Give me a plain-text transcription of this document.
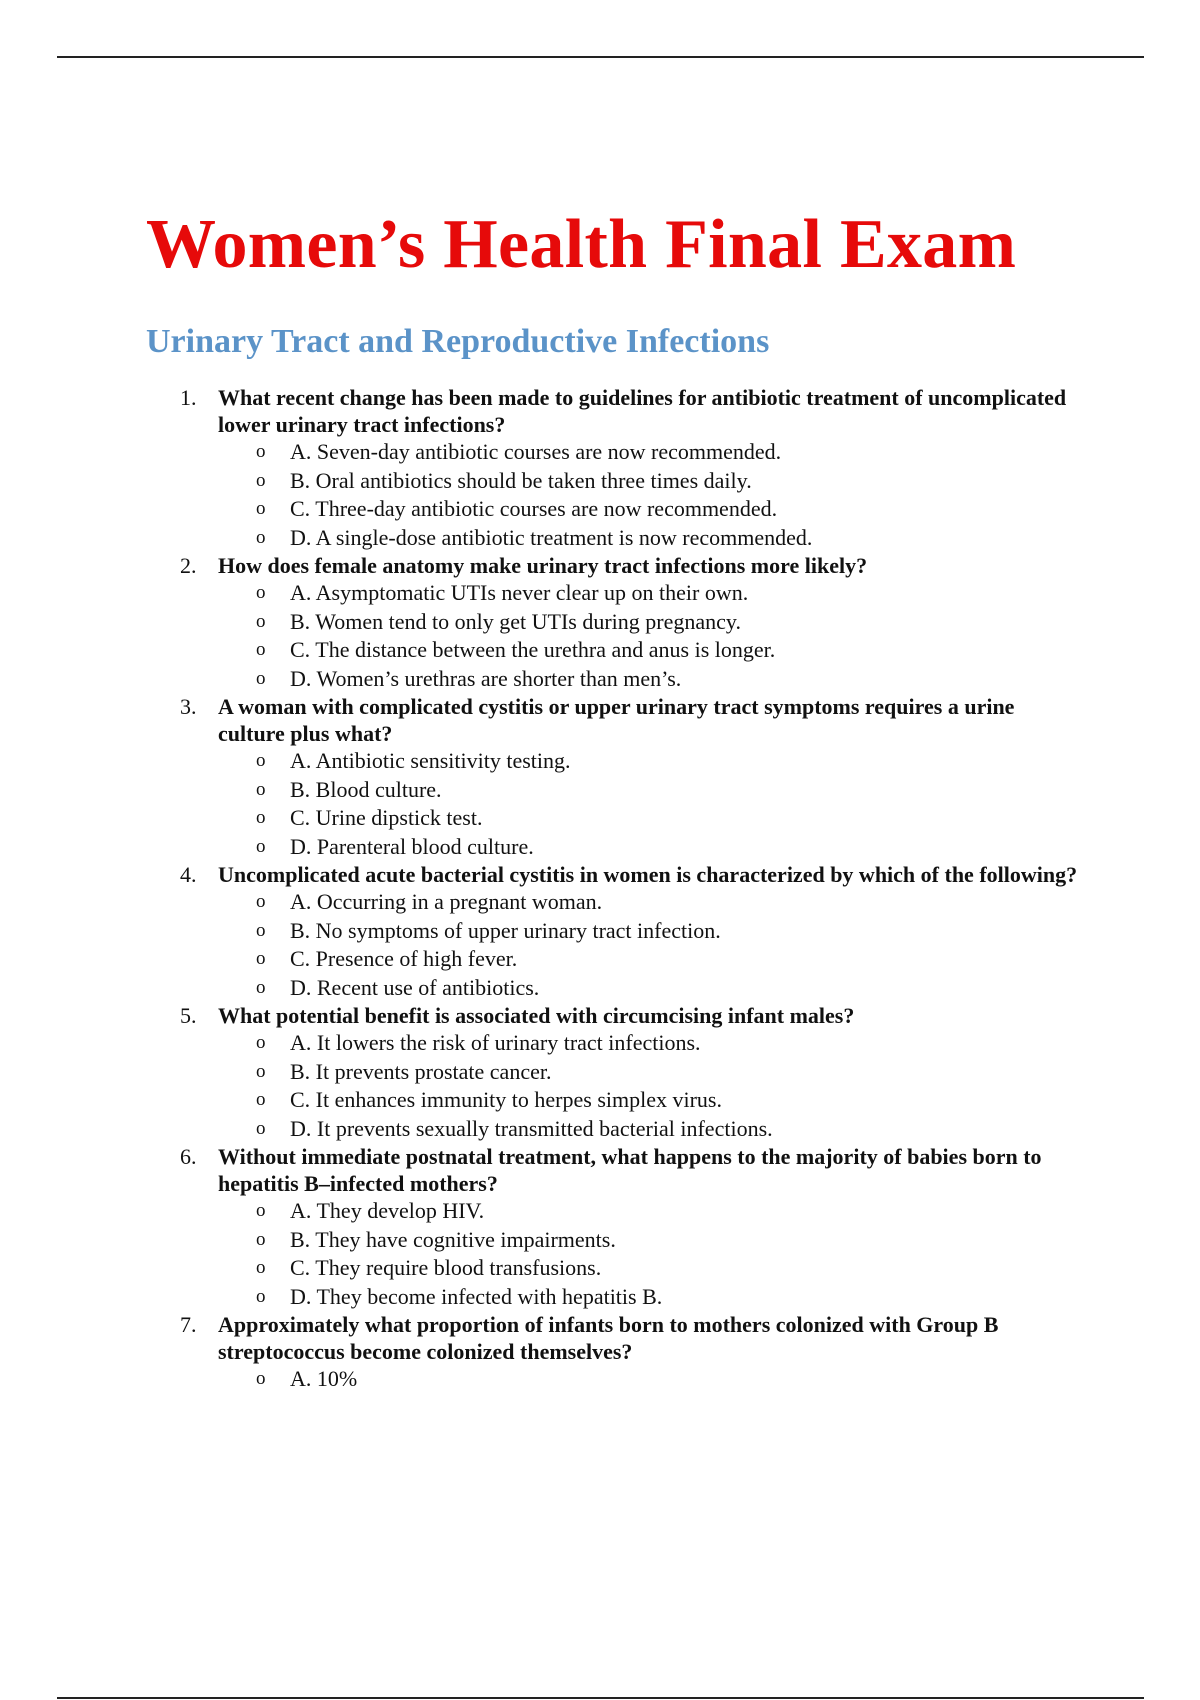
Women’s Health Final Exam
Urinary Tract and Reproductive Infections
1. What recent change has been made to guidelines for antibiotic treatment of uncomplicated lower urinary tract infections?
o A. Seven-day antibiotic courses are now recommended.
o B. Oral antibiotics should be taken three times daily.
o C. Three-day antibiotic courses are now recommended.
o D. A single-dose antibiotic treatment is now recommended.
2. How does female anatomy make urinary tract infections more likely?
o A. Asymptomatic UTIs never clear up on their own.
o B. Women tend to only get UTIs during pregnancy.
o C. The distance between the urethra and anus is longer.
o D. Women’s urethras are shorter than men’s.
3. A woman with complicated cystitis or upper urinary tract symptoms requires a urine culture plus what?
o A. Antibiotic sensitivity testing.
o B. Blood culture.
o C. Urine dipstick test.
o D. Parenteral blood culture.
4. Uncomplicated acute bacterial cystitis in women is characterized by which of the following?
o A. Occurring in a pregnant woman.
o B. No symptoms of upper urinary tract infection.
o C. Presence of high fever.
o D. Recent use of antibiotics.
5. What potential benefit is associated with circumcising infant males?
o A. It lowers the risk of urinary tract infections.
o B. It prevents prostate cancer.
o C. It enhances immunity to herpes simplex virus.
o D. It prevents sexually transmitted bacterial infections.
6. Without immediate postnatal treatment, what happens to the majority of babies born to hepatitis B–infected mothers?
o A. They develop HIV.
o B. They have cognitive impairments.
o C. They require blood transfusions.
o D. They become infected with hepatitis B.
7. Approximately what proportion of infants born to mothers colonized with Group B streptococcus become colonized themselves?
o A. 10%
